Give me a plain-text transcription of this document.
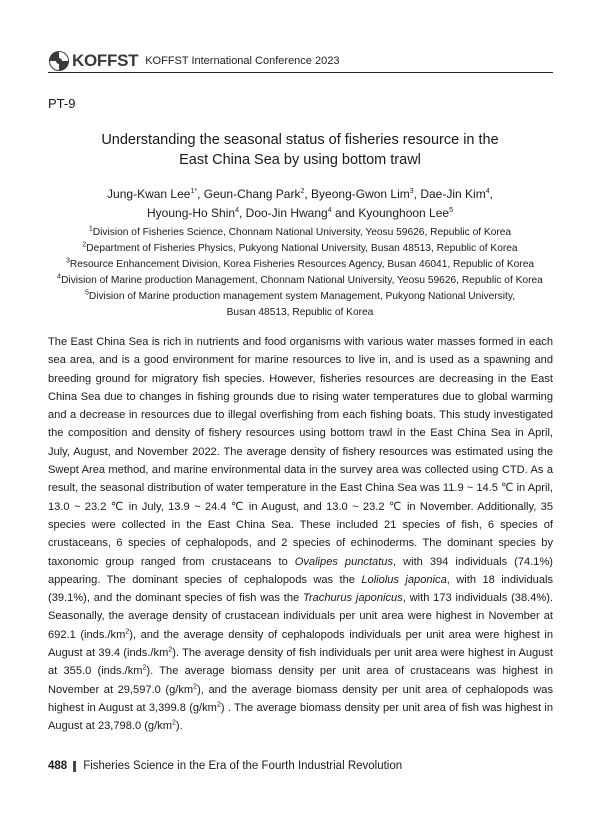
KOFFST KOFFST International Conference 2023
PT-9
Understanding the seasonal status of fisheries resource in the
East China Sea by using bottom trawl
Jung-Kwan Lee$^{1*}$, Geun-Chang Park$^2$, Byeong-Gwon Lim$^3$, Dae-Jin Kim$^4$,
Hyoung-Ho Shin$^4$, Doo-Jin Hwang$^4$ and Kyounghoon Lee$^5$
$^1$Division of Fisheries Science, Chonnam National University, Yeosu 59626, Republic of Korea
$^2$Department of Fisheries Physics, Pukyong National University, Busan 48513, Republic of Korea
$^3$Resource Enhancement Division, Korea Fisheries Resources Agency, Busan 46041, Republic of Korea
$^4$Division of Marine production Management, Chonnam National University, Yeosu 59626, Republic of Korea
$^5$Division of Marine production management system Management, Pukyong National University,
Busan 48513, Republic of Korea

The East China Sea is rich in nutrients and food organisms with various water masses formed in each sea area, and is a good environment for marine resources to live in, and is used as a spawning and breeding ground for migratory fish species. However, fisheries resources are decreasing in the East China Sea due to changes in fishing grounds due to rising water temperatures due to global warming and a decrease in resources due to illegal overfishing from each fishing boats. This study investigated the composition and density of fishery resources using bottom trawl in the East China Sea in April, July, August, and November 2022. The average density of fishery resources was estimated using the Swept Area method, and marine environmental data in the survey area was collected using CTD. As a result, the seasonal distribution of water temperature in the East China Sea was 11.9 ~ 14.5 ℃ in April, 13.0 ~ 23.2 ℃ in July, 13.9 ~ 24.4 ℃ in August, and 13.0 ~ 23.2 ℃ in November. Additionally, 35 species were collected in the East China Sea. These included 21 species of fish, 6 species of crustaceans, 6 species of cephalopods, and 2 species of echinoderms. The dominant species by taxonomic group ranged from crustaceans to Ovalipes punctatus, with 394 individuals (74.1%) appearing. The dominant species of cephalopods was the Loliolus japonica, with 18 individuals (39.1%), and the dominant species of fish was the Trachurus japonicus, with 173 individuals (38.4%). Seasonally, the average density of crustacean individuals per unit area were highest in November at 692.1 $(inds./km^2)$, and the average density of cephalopods individuals per unit area were highest in August at 39.4 $(inds./km^2)$. The average density of fish individuals per unit area were highest in August at 355.0 $(inds./km^2)$. The average biomass density per unit area of crustaceans was highest in November at 29,597.0 $(g/km^2)$, and the average biomass density per unit area of cephalopods was highest in August at 3,399.8 $(g/km^2)$ . The average biomass density per unit area of fish was highest in August at 23,798.0 $(g/km^2)$.

488 Fisheries Science in the Era of the Fourth Industrial Revolution
